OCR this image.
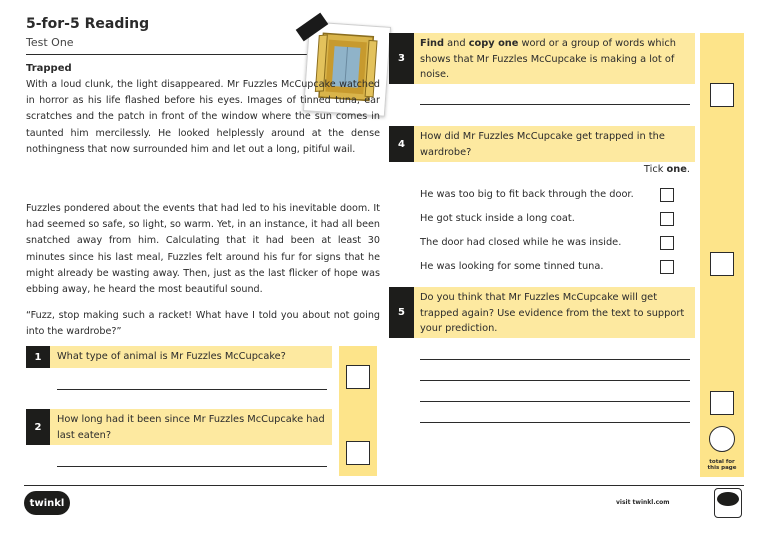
5-for-5 Reading
Test One
Trapped

With a loud clunk, the light disappeared. Mr Fuzzles McCupcake watched in horror as his life flashed before his eyes. Images of tinned tuna, ear scratches and the patch in front of the window where the sun comes in taunted him mercilessly. He looked helplessly around at the dense nothingness that now surrounded him and let out a long, pitiful wail.

Fuzzles pondered about the events that had led to his inevitable doom. It had seemed so safe, so light, so warm. Yet, in an instance, it had all been snatched away from him. Calculating that it had been at least 30 minutes since his last meal, Fuzzles felt around his fur for signs that he might already be wasting away. Then, just as the last flicker of hope was ebbing away, he heard the most beautiful sound.

“Fuzz, stop making such a racket! What have I told you about not going into the wardrobe?”

1	What type of animal is Mr Fuzzles McCupcake?
2
How long had it been since Mr Fuzzles McCupcake had last eaten?
total for
this page
3
Find and copy one word or a group of words which shows that Mr Fuzzles McCupcake is making a lot of noise.
4
How did Mr Fuzzles McCupcake get trapped in the wardrobe?
Tick one.
He was too big to fit back through the door.
He got stuck inside a long coat.
The door had closed while he was inside.
He was looking for some tinned tuna.
5
Do you think that Mr Fuzzles McCupcake will get trapped again? Use evidence from the text to support your prediction.
twinkl	visit twinkl.com
